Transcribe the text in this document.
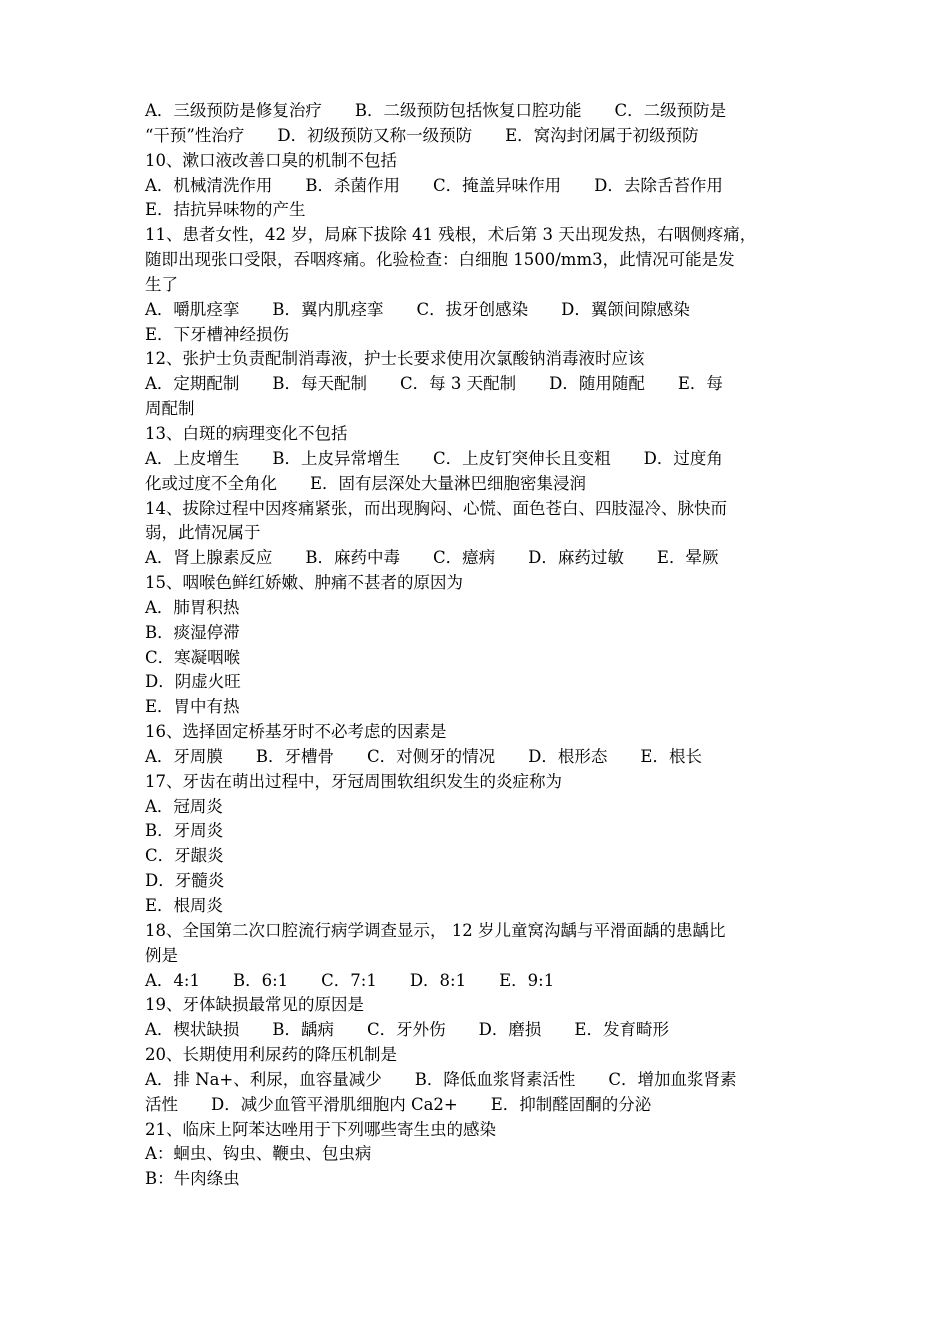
A．三级预防是修复治疗　　B．二级预防包括恢复口腔功能　　C．二级预防是
“干预”性治疗　　D．初级预防又称一级预防　　E．窝沟封闭属于初级预防
10、漱口液改善口臭的机制不包括
A．机械清洗作用　　B．杀菌作用　　C．掩盖异味作用　　D．去除舌苔作用
E．拮抗异味物的产生
11、患者女性，42 岁，局麻下拔除 41 残根，术后第 3 天出现发热，右咽侧疼痛，
随即出现张口受限，吞咽疼痛。化验检查：白细胞 1500/mm3，此情况可能是发
生了
A．嚼肌痉挛　　B．翼内肌痉挛　　C．拔牙创感染　　D．翼颌间隙感染
E．下牙槽神经损伤
12、张护士负责配制消毒液，护士长要求使用次氯酸钠消毒液时应该
A．定期配制　　B．每天配制　　C．每 3 天配制　　D．随用随配　　E．每
周配制
13、白斑的病理变化不包括
A．上皮增生　　B．上皮异常增生　　C．上皮钉突伸长且变粗　　D．过度角
化或过度不全角化　　E．固有层深处大量淋巴细胞密集浸润
14、拔除过程中因疼痛紧张，而出现胸闷、心慌、面色苍白、四肢湿冷、脉快而
弱，此情况属于
A．肾上腺素反应　　B．麻药中毒　　C．癔病　　D．麻药过敏　　E．晕厥
15、咽喉色鲜红娇嫩、肿痛不甚者的原因为
A．肺胃积热
B．痰湿停滞
C．寒凝咽喉
D．阴虚火旺
E．胃中有热
16、选择固定桥基牙时不必考虑的因素是
A．牙周膜　　B．牙槽骨　　C．对侧牙的情况　　D．根形态　　E．根长
17、牙齿在萌出过程中，牙冠周围软组织发生的炎症称为
A．冠周炎
B．牙周炎
C．牙龈炎
D．牙髓炎
E．根周炎
18、全国第二次口腔流行病学调查显示， 12 岁儿童窝沟龋与平滑面龋的患龋比
例是
A．4:1　　B．6:1　　C．7:1　　D．8:1　　E．9:1
19、牙体缺损最常见的原因是
A．楔状缺损　　B．龋病　　C．牙外伤　　D．磨损　　E．发育畸形
20、长期使用利尿药的降压机制是
A．排 Na+、利尿，血容量减少　　B．降低血浆肾素活性　　C．增加血浆肾素
活性　　D．减少血管平滑肌细胞内 Ca2+　　E．抑制醛固酮的分泌
21、临床上阿苯达唑用于下列哪些寄生虫的感染
A：蛔虫、钩虫、鞭虫、包虫病
B：牛肉绦虫
